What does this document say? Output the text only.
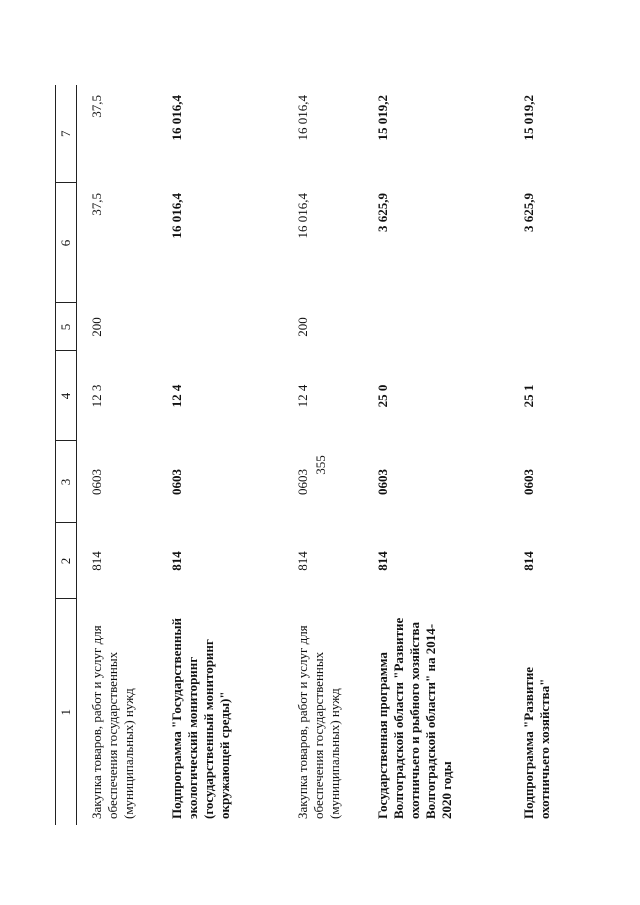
355
1	2	3	4	5	6	7
Закупка товаров, работ и услуг для обеспечения государственных (муниципальных) нужд	814	0603	12 3	200	37,5	37,5
Подпрограмма "Государственный экологический мониторинг (государственный мониторинг окружающей среды)"	814	0603	12 4		16 016,4	16 016,4
Закупка товаров, работ и услуг для обеспечения государственных (муниципальных) нужд	814	0603	12 4	200	16 016,4	16 016,4
Государственная программа Волгоградской области "Развитие охотничьего и рыбного хозяйства Волгоградской области" на 2014-2020 годы	814	0603	25 0		3 625,9	15 019,2
Подпрограмма "Развитие охотничьего хозяйства"	814	0603	25 1		3 625,9	15 019,2
